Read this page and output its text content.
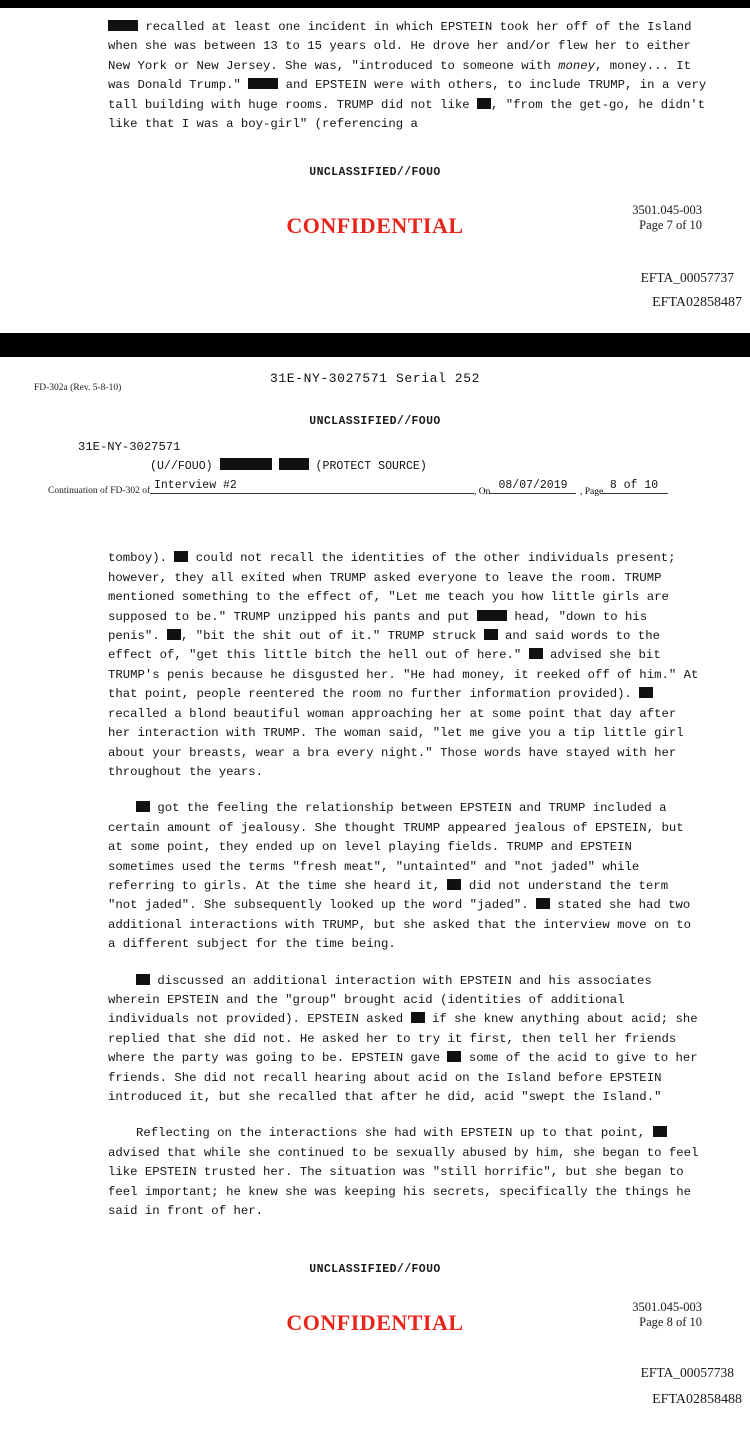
recalled at least one incident in which EPSTEIN took her off of the Island when she was between 13 to 15 years old. He drove her and/or flew her to either New York or New Jersey. She was, "introduced to someone with money, money... It was Donald Trump."  and EPSTEIN were with others, to include TRUMP, in a very tall building with huge rooms. TRUMP did not like , "from the get-go, he didn't like that I was a boy-girl" (referencing a
UNCLASSIFIED//FOUO
3501.045-003
Page 7 of 10
CONFIDENTIAL
EFTA_00057737
EFTA02858487
FD-302a (Rev. 5-8-10)
31E-NY-3027571 Serial 252
UNCLASSIFIED//FOUO
31E-NY-3027571
(U//FOUO)	(PROTECT SOURCE)
Continuation of FD-302 of Interview #2	, On 08/07/2019	, Page 8 of 10
tomboy).  could not recall the identities of the other individuals present; however, they all exited when TRUMP asked everyone to leave the room. TRUMP mentioned something to the effect of, "Let me teach you how little girls are supposed to be." TRUMP unzipped his pants and put  head, "down to his penis". , "bit the shit out of it." TRUMP struck  and said words to the effect of, "get this little bitch the hell out of here."  advised she bit TRUMP's penis because he disgusted her. "He had money, it reeked off of him." At that point, people reentered the room no further information provided).  recalled a blond beautiful woman approaching her at some point that day after her interaction with TRUMP. The woman said, "let me give you a tip little girl about your breasts, wear a bra every night." Those words have stayed with her throughout the years.
got the feeling the relationship between EPSTEIN and TRUMP included a certain amount of jealousy. She thought TRUMP appeared jealous of EPSTEIN, but at some point, they ended up on level playing fields. TRUMP and EPSTEIN sometimes used the terms "fresh meat", "untainted" and "not jaded" while referring to girls. At the time she heard it,  did not understand the term "not jaded". She subsequently looked up the word "jaded".  stated she had two additional interactions with TRUMP, but she asked that the interview move on to a different subject for the time being.
discussed an additional interaction with EPSTEIN and his associates wherein EPSTEIN and the "group" brought acid (identities of additional individuals not provided). EPSTEIN asked  if she knew anything about acid; she replied that she did not. He asked her to try it first, then tell her friends where the party was going to be. EPSTEIN gave  some of the acid to give to her friends. She did not recall hearing about acid on the Island before EPSTEIN introduced it, but she recalled that after he did, acid "swept the Island."
Reflecting on the interactions she had with EPSTEIN up to that point,  advised that while she continued to be sexually abused by him, she began to feel like EPSTEIN trusted her. The situation was "still horrific", but she began to feel important; he knew she was keeping his secrets, specifically the things he said in front of her.
UNCLASSIFIED//FOUO
3501.045-003
Page 8 of 10
CONFIDENTIAL
EFTA_00057738
EFTA02858488
